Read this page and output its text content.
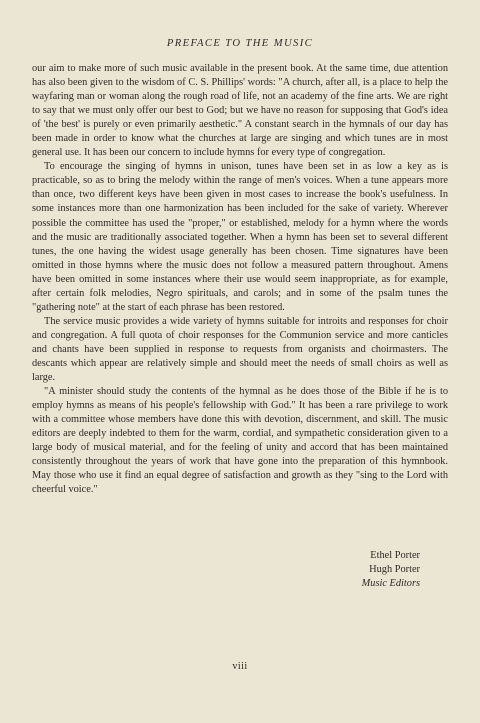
PREFACE TO THE MUSIC

our aim to make more of such music available in the present book. At the same time, due attention has also been given to the wisdom of C. S. Phillips' words: "A church, after all, is a place to help the wayfaring man or woman along the rough road of life, not an academy of the fine arts. We are right to say that we must only offer our best to God; but we have no reason for supposing that God's idea of 'the best' is purely or even primarily aesthetic." A constant search in the hymnals of our day has been made in order to know what the churches at large are singing and which tunes are in most general use. It has been our concern to include hymns for every type of congregation.

To encourage the singing of hymns in unison, tunes have been set in as low a key as is practicable, so as to bring the melody within the range of men's voices. When a tune appears more than once, two different keys have been given in most cases to increase the book's usefulness. In some instances more than one harmonization has been included for the sake of variety. Wherever possible the committee has used the "proper," or established, melody for a hymn where the words and the music are traditionally associated together. When a hymn has been set to several different tunes, the one having the widest usage generally has been chosen. Time signatures have been omitted in those hymns where the music does not follow a measured pattern throughout. Amens have been omitted in some instances where their use would seem inappropriate, as for example, after certain folk melodies, Negro spirituals, and carols; and in some of the psalm tunes the "gathering note" at the start of each phrase has been restored.

The service music provides a wide variety of hymns suitable for introits and responses for choir and congregation. A full quota of choir responses for the Communion service and more canticles and chants have been supplied in response to requests from organists and choirmasters. The descants which appear are relatively simple and should meet the needs of small choirs as well as large.

"A minister should study the contents of the hymnal as he does those of the Bible if he is to employ hymns as means of his people's fellowship with God." It has been a rare privilege to work with a committee whose members have done this with devotion, discernment, and skill. The music editors are deeply indebted to them for the warm, cordial, and sympathetic consideration given to a large body of musical material, and for the feeling of unity and accord that has been maintained consistently throughout the years of work that have gone into the preparation of this hymnbook. May those who use it find an equal degree of satisfaction and growth as they "sing to the Lord with cheerful voice."

Ethel Porter
Hugh Porter
Music Editors
viii
